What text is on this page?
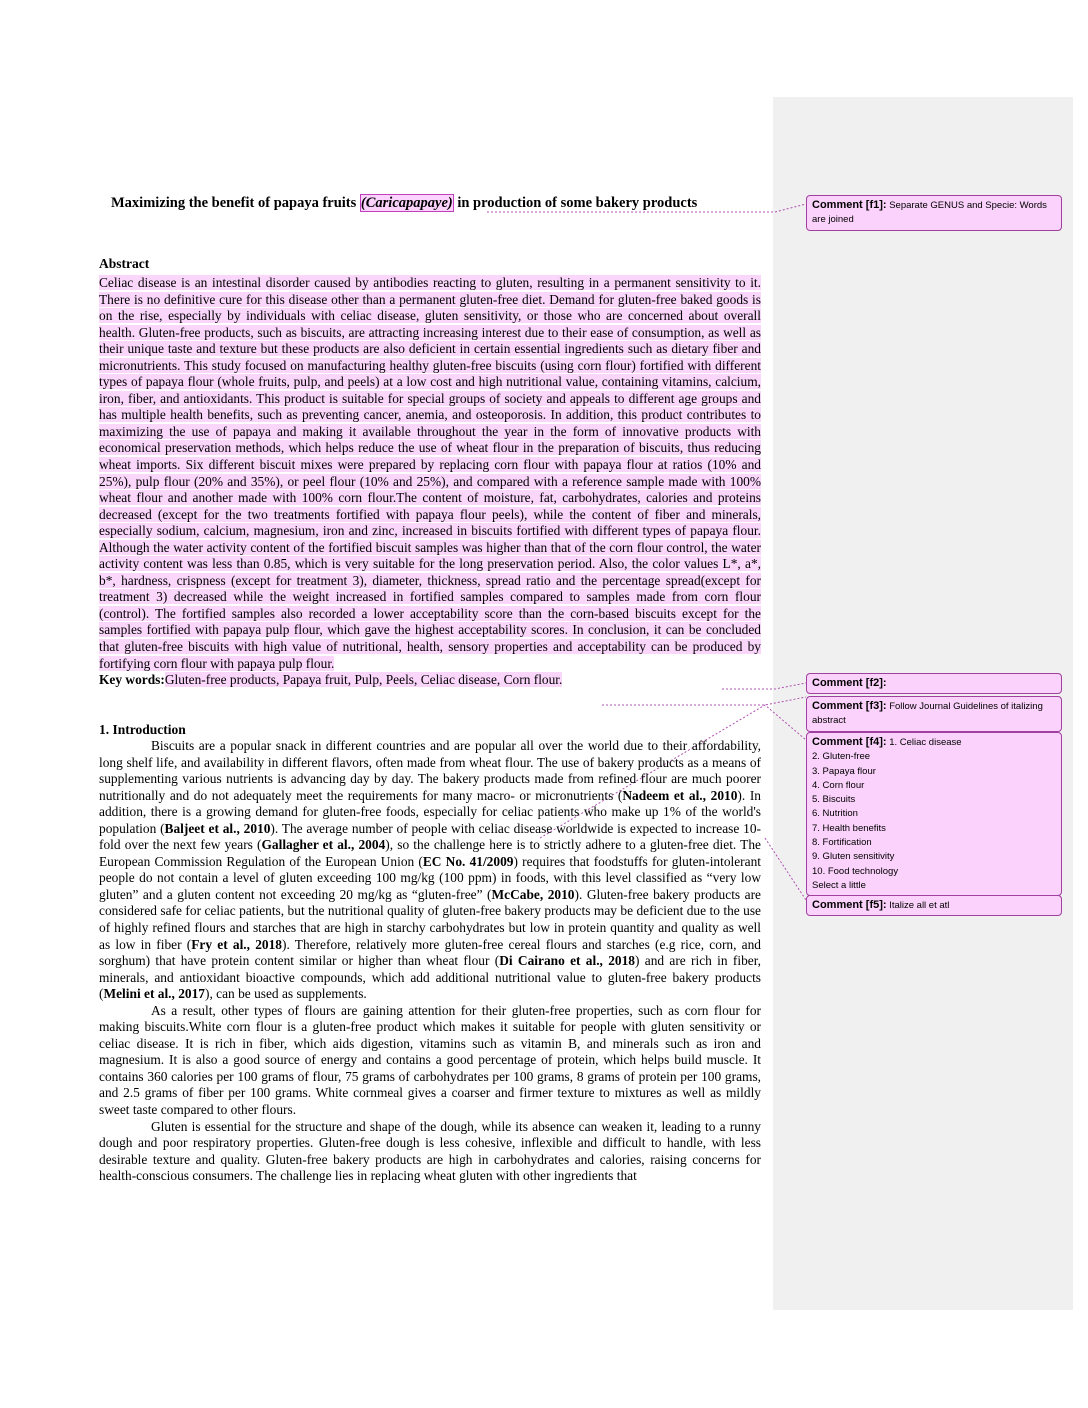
Maximizing the benefit of papaya fruits (Caricapapaye) in production of some bakery products
Abstract

Celiac disease is an intestinal disorder caused by antibodies reacting to gluten, resulting in a permanent sensitivity to it. There is no definitive cure for this disease other than a permanent gluten-free diet. Demand for gluten-free baked goods is on the rise, especially by individuals with celiac disease, gluten sensitivity, or those who are concerned about overall health. Gluten-free products, such as biscuits, are attracting increasing interest due to their ease of consumption, as well as their unique taste and texture but these products are also deficient in certain essential ingredients such as dietary fiber and micronutrients. This study focused on manufacturing healthy gluten-free biscuits (using corn flour) fortified with different types of papaya flour (whole fruits, pulp, and peels) at a low cost and high nutritional value, containing vitamins, calcium, iron, fiber, and antioxidants. This product is suitable for special groups of society and appeals to different age groups and has multiple health benefits, such as preventing cancer, anemia, and osteoporosis. In addition, this product contributes to maximizing the use of papaya and making it available throughout the year in the form of innovative products with economical preservation methods, which helps reduce the use of wheat flour in the preparation of biscuits, thus reducing wheat imports. Six different biscuit mixes were prepared by replacing corn flour with papaya flour at ratios (10% and 25%), pulp flour (20% and 35%), or peel flour (10% and 25%), and compared with a reference sample made with 100% wheat flour and another made with 100% corn flour.The content of moisture, fat, carbohydrates, calories and proteins decreased (except for the two treatments fortified with papaya flour peels), while the content of fiber and minerals, especially sodium, calcium, magnesium, iron and zinc, increased in biscuits fortified with different types of papaya flour. Although the water activity content of the fortified biscuit samples was higher than that of the corn flour control, the water activity content was less than 0.85, which is very suitable for the long preservation period. Also, the color values L*, a*, b*, hardness, crispness (except for treatment 3), diameter, thickness, spread ratio and the percentage spread(except for treatment 3) decreased while the weight increased in fortified samples compared to samples made from corn flour (control). The fortified samples also recorded a lower acceptability score than the corn-based biscuits except for the samples fortified with papaya pulp flour, which gave the highest acceptability scores. In conclusion, it can be concluded that gluten-free biscuits with high value of nutritional, health, sensory properties and acceptability can be produced by fortifying corn flour with papaya pulp flour.

Key words:Gluten-free products, Papaya fruit, Pulp, Peels, Celiac disease, Corn flour.

1. Introduction

Biscuits are a popular snack in different countries and are popular all over the world due to their affordability, long shelf life, and availability in different flavors, often made from wheat flour. The use of bakery products as a means of supplementing various nutrients is advancing day by day. The bakery products made from refined flour are much poorer nutritionally and do not adequately meet the requirements for many macro- or micronutrients (Nadeem et al., 2010). In addition, there is a growing demand for gluten-free foods, especially for celiac patients who make up 1% of the world's population (Baljeet et al., 2010). The average number of people with celiac disease worldwide is expected to increase 10-fold over the next few years (Gallagher et al., 2004), so the challenge here is to strictly adhere to a gluten-free diet. The European Commission Regulation of the European Union (EC No. 41/2009) requires that foodstuffs for gluten-intolerant people do not contain a level of gluten exceeding 100 mg/kg (100 ppm) in foods, with this level classified as “very low gluten” and a gluten content not exceeding 20 mg/kg as “gluten-free” (McCabe, 2010). Gluten-free bakery products are considered safe for celiac patients, but the nutritional quality of gluten-free bakery products may be deficient due to the use of highly refined flours and starches that are high in starchy carbohydrates but low in protein quantity and quality as well as low in fiber (Fry et al., 2018). Therefore, relatively more gluten-free cereal flours and starches (e.g rice, corn, and sorghum) that have protein content similar or higher than wheat flour (Di Cairano et al., 2018) and are rich in fiber, minerals, and antioxidant bioactive compounds, which add additional nutritional value to gluten-free bakery products (Melini et al., 2017), can be used as supplements.

As a result, other types of flours are gaining attention for their gluten-free properties, such as corn flour for making biscuits.White corn flour is a gluten-free product which makes it suitable for people with gluten sensitivity or celiac disease. It is rich in fiber, which aids digestion, vitamins such as vitamin B, and minerals such as iron and magnesium. It is also a good source of energy and contains a good percentage of protein, which helps build muscle. It contains 360 calories per 100 grams of flour, 75 grams of carbohydrates per 100 grams, 8 grams of protein per 100 grams, and 2.5 grams of fiber per 100 grams. White cornmeal gives a coarser and firmer texture to mixtures as well as mildly sweet taste compared to other flours.

Gluten is essential for the structure and shape of the dough, while its absence can weaken it, leading to a runny dough and poor respiratory properties. Gluten-free dough is less cohesive, inflexible and difficult to handle, with less desirable texture and quality. Gluten-free bakery products are high in carbohydrates and calories, raising concerns for health-conscious consumers. The challenge lies in replacing wheat gluten with other ingredients that

Comment [f1]: Separate GENUS and Specie: Words are joined
Comment [f2]:
Comment [f3]: Follow Journal Guidelines of italizing abstract
Comment [f4]: 1. Celiac disease
2. Gluten-free
3. Papaya flour
4. Corn flour
5. Biscuits
6. Nutrition
7. Health benefits
8. Fortification
9. Gluten sensitivity
10. Food technology
Select a little
Comment [f5]: Italize all et atl
